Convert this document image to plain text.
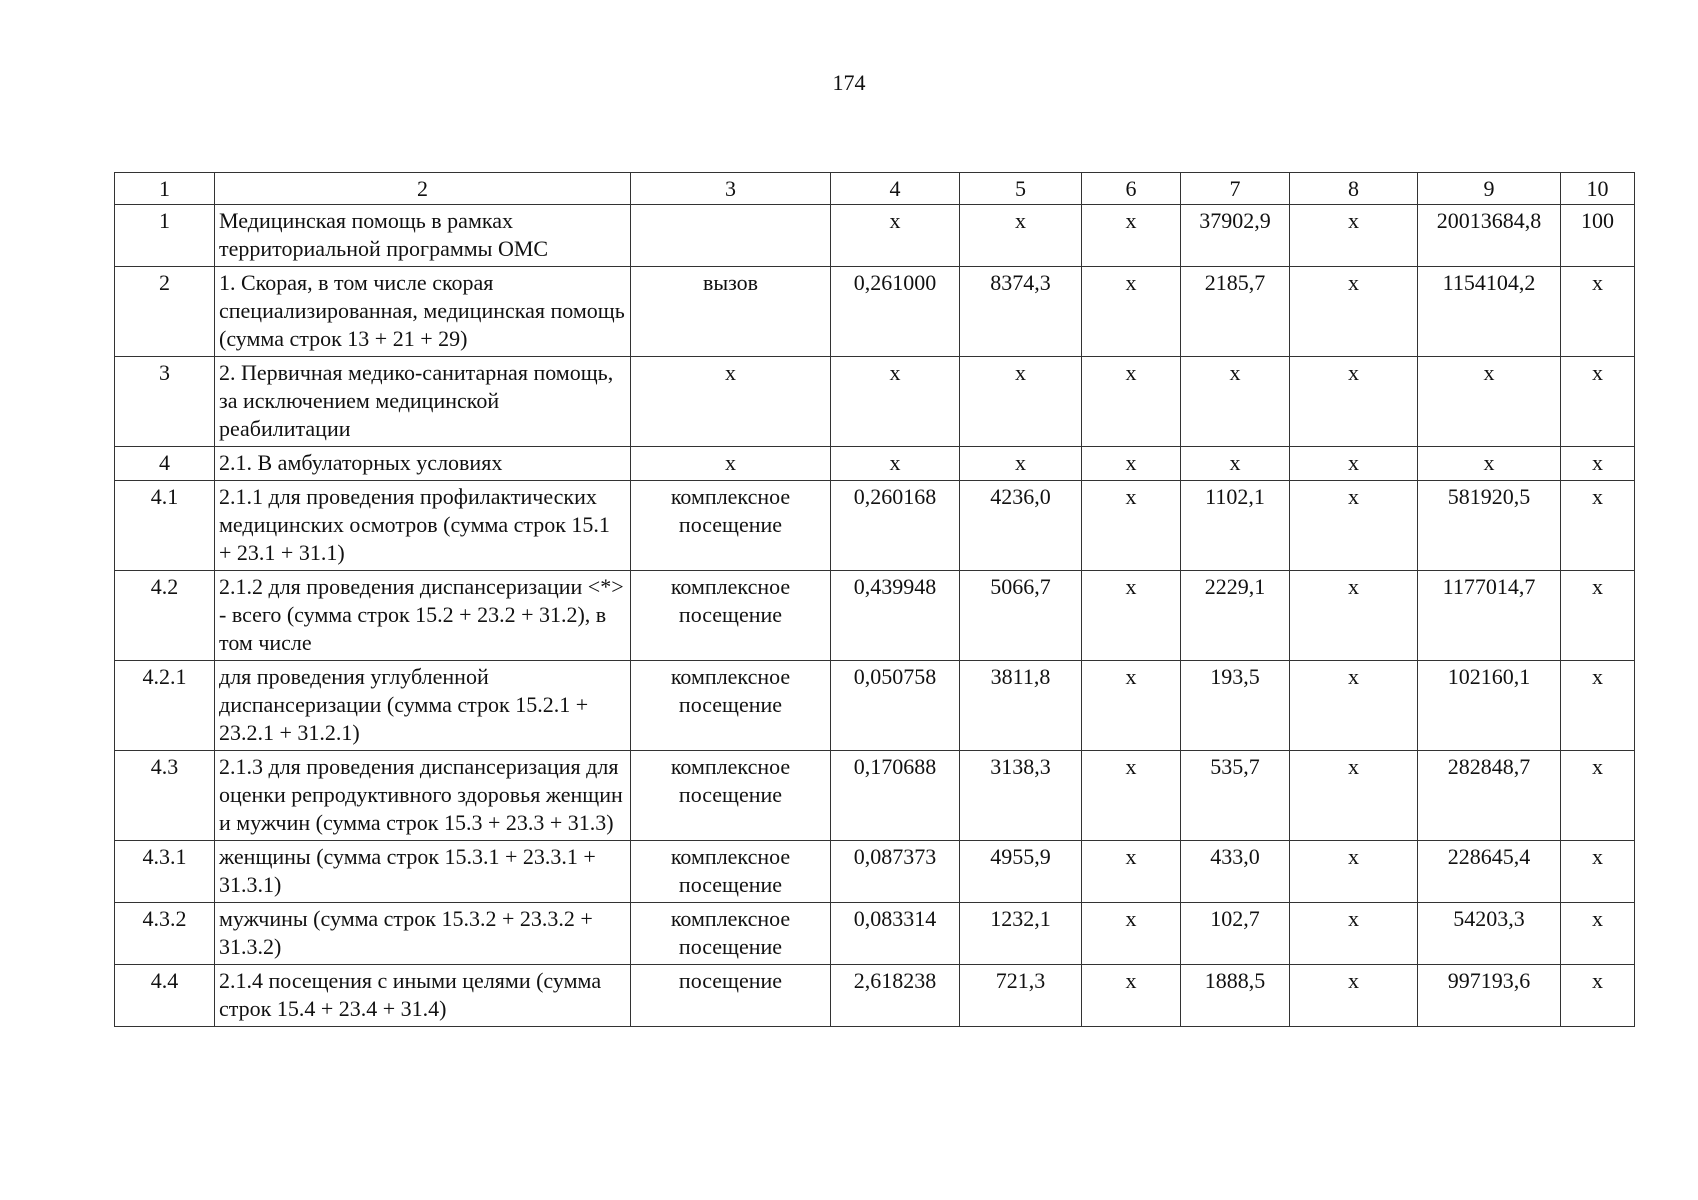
174
1	2	3	4	5	6	7	8	9	10
1	Медицинская помощь в рамках территориальной программы ОМС		x	x	x	37902,9	x	20013684,8	100
2	1. Скорая, в том числе скорая специализированная, медицинская помощь (сумма строк 13 + 21 + 29)	вызов	0,261000	8374,3	x	2185,7	x	1154104,2	x
3	2. Первичная медико-санитарная помощь, за исключением медицинской реабилитации	x	x	x	x	x	x	x	x
4	2.1. В амбулаторных условиях	x	x	x	x	x	x	x	x
4.1	2.1.1 для проведения профилактических медицинских осмотров (сумма строк 15.1 + 23.1 + 31.1)	комплексное посещение	0,260168	4236,0	x	1102,1	x	581920,5	x
4.2	2.1.2 для проведения диспансеризации <*> - всего (сумма строк 15.2 + 23.2 + 31.2), в том числе	комплексное посещение	0,439948	5066,7	x	2229,1	x	1177014,7	x
4.2.1	для проведения углубленной диспансеризации (сумма строк 15.2.1 + 23.2.1 + 31.2.1)	комплексное посещение	0,050758	3811,8	x	193,5	x	102160,1	x
4.3	2.1.3 для проведения диспансеризация для оценки репродуктивного здоровья женщин и мужчин (сумма строк 15.3 + 23.3 + 31.3)	комплексное посещение	0,170688	3138,3	x	535,7	x	282848,7	x
4.3.1	женщины (сумма строк 15.3.1 + 23.3.1 + 31.3.1)	комплексное посещение	0,087373	4955,9	x	433,0	x	228645,4	x
4.3.2	мужчины (сумма строк 15.3.2 + 23.3.2 + 31.3.2)	комплексное посещение	0,083314	1232,1	x	102,7	x	54203,3	x
4.4	2.1.4 посещения с иными целями (сумма строк 15.4 + 23.4 + 31.4)	посещение	2,618238	721,3	x	1888,5	x	997193,6	x
